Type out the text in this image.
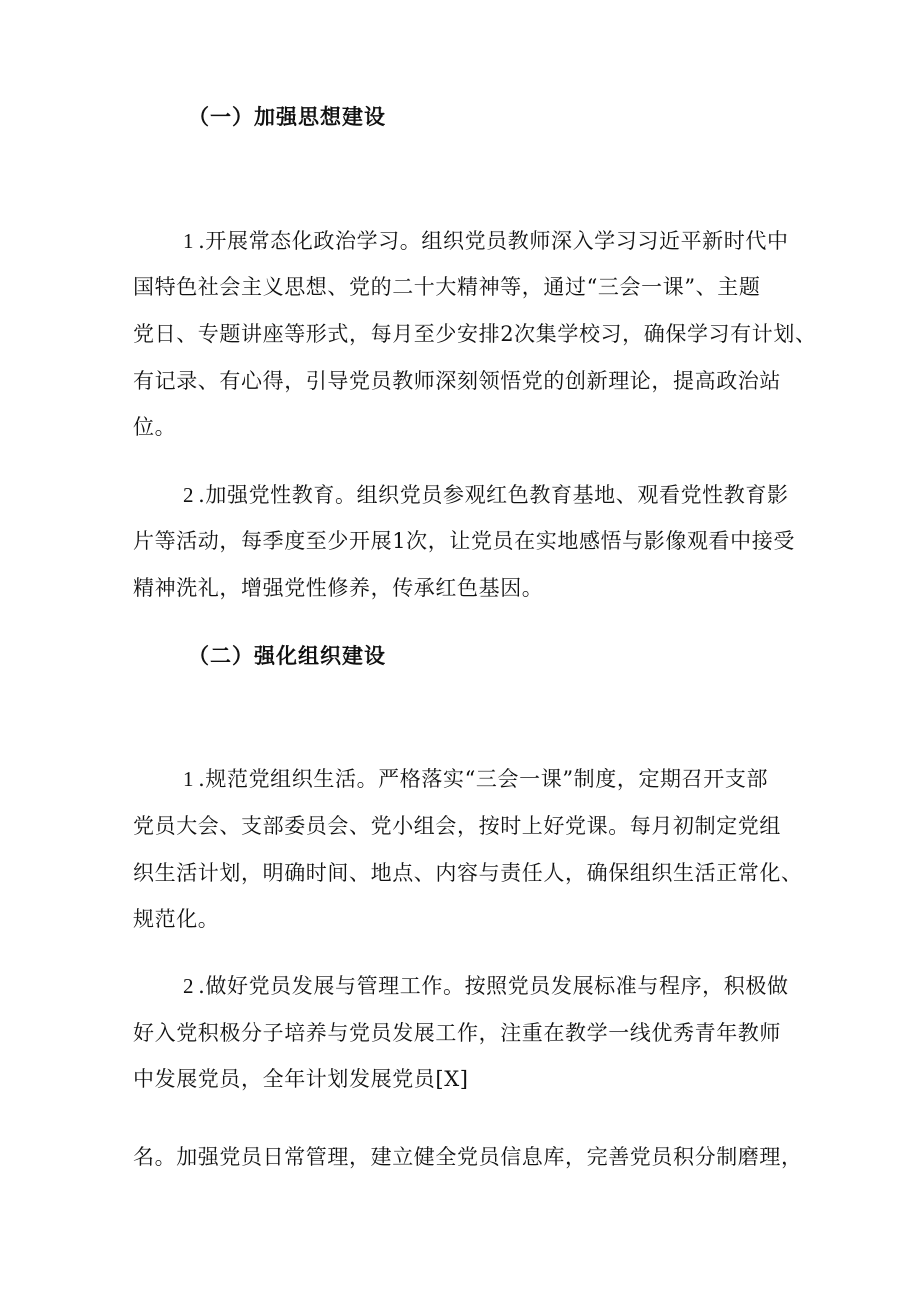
（一）加强思想建设
1 .开展常态化政治学习。组织党员教师深入学习习近平新时代中
国特色社会主义思想、党的二十大精神等，通过“三会一课”、主题
党日、专题讲座等形式，每月至少安排2次集学校习，确保学习有计划、
有记录、有心得，引导党员教师深刻领悟党的创新理论，提高政治站
位。
2 .加强党性教育。组织党员参观红色教育基地、观看党性教育影
片等活动，每季度至少开展1次，让党员在实地感悟与影像观看中接受
精神洗礼，增强党性修养，传承红色基因。
（二）强化组织建设
1 .规范党组织生活。严格落实“三会一课”制度，定期召开支部
党员大会、支部委员会、党小组会，按时上好党课。每月初制定党组
织生活计划，明确时间、地点、内容与责任人，确保组织生活正常化、
规范化。
2 .做好党员发展与管理工作。按照党员发展标准与程序，积极做
好入党积极分子培养与党员发展工作，注重在教学一线优秀青年教师
中发展党员，全年计划发展党员[X]
名。加强党员日常管理，建立健全党员信息库，完善党员积分制磨理，
